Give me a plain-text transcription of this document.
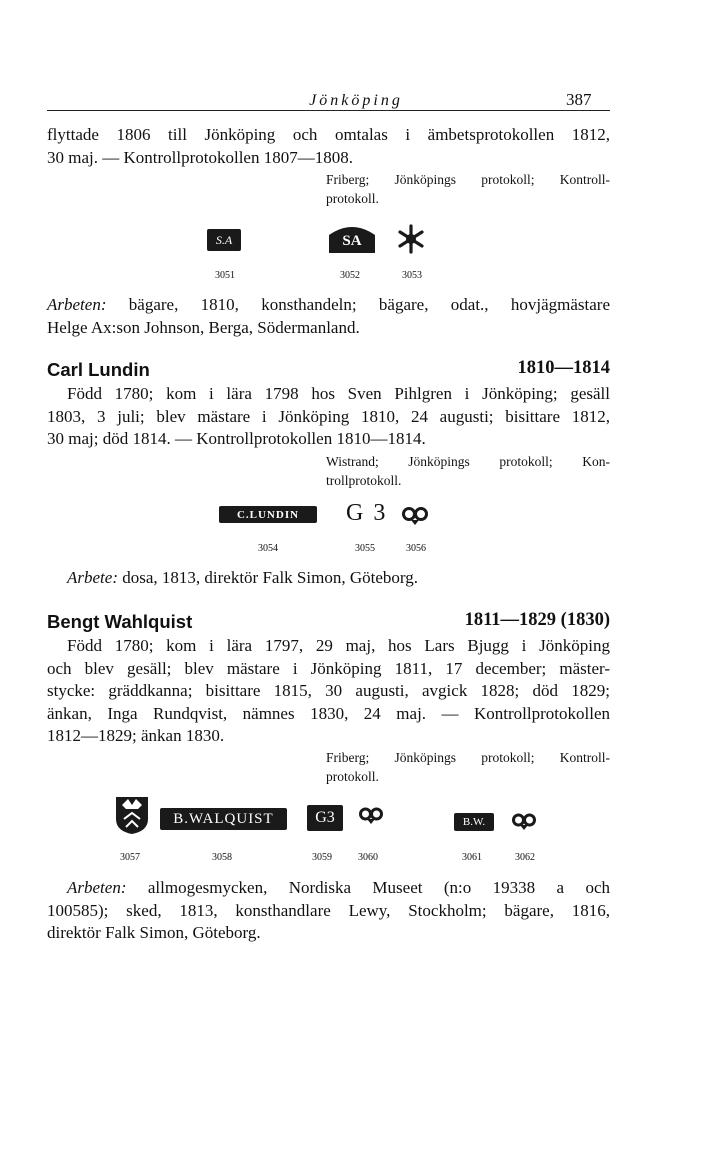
Jönköping	387
flyttade 1806 till Jönköping och omtalas i ämbetsprotokollen 1812,
30 maj. — Kontrollprotokollen 1807—1808.
Friberg; Jönköpings protokoll; Kontroll-
protokoll.
S.A	SA
3051	3052	3053
Arbeten: bägare, 1810, konsthandeln; bägare, odat., hovjägmästare
Helge Ax:son Johnson, Berga, Södermanland.
Carl Lundin	1810—1814
Född 1780; kom i lära 1798 hos Sven Pihlgren i Jönköping; gesäll
1803, 3 juli; blev mästare i Jönköping 1810, 24 augusti; bisittare 1812,
30 maj; död 1814. — Kontrollprotokollen 1810—1814.
Wistrand; Jönköpings protokoll; Kon-
trollprotokoll.
C.LUNDIN	G 3
3054	3055	3056
Arbete: dosa, 1813, direktör Falk Simon, Göteborg.
Bengt Wahlquist	1811—1829 (1830)
Född 1780; kom i lära 1797, 29 maj, hos Lars Bjugg i Jönköping
och blev gesäll; blev mästare i Jönköping 1811, 17 december; mäster-
stycke: gräddkanna; bisittare 1815, 30 augusti, avgick 1828; död 1829;
änkan, Inga Rundqvist, nämnes 1830, 24 maj. — Kontrollprotokollen
1812—1829; änkan 1830.
Friberg; Jönköpings protokoll; Kontroll-
protokoll.
B.WALQUIST	G3	B.W.
3057	3058	3059	3060	3061	3062
Arbeten: allmogesmycken, Nordiska Museet (n:o 19338 a och
100585); sked, 1813, konsthandlare Lewy, Stockholm; bägare, 1816,
direktör Falk Simon, Göteborg.
